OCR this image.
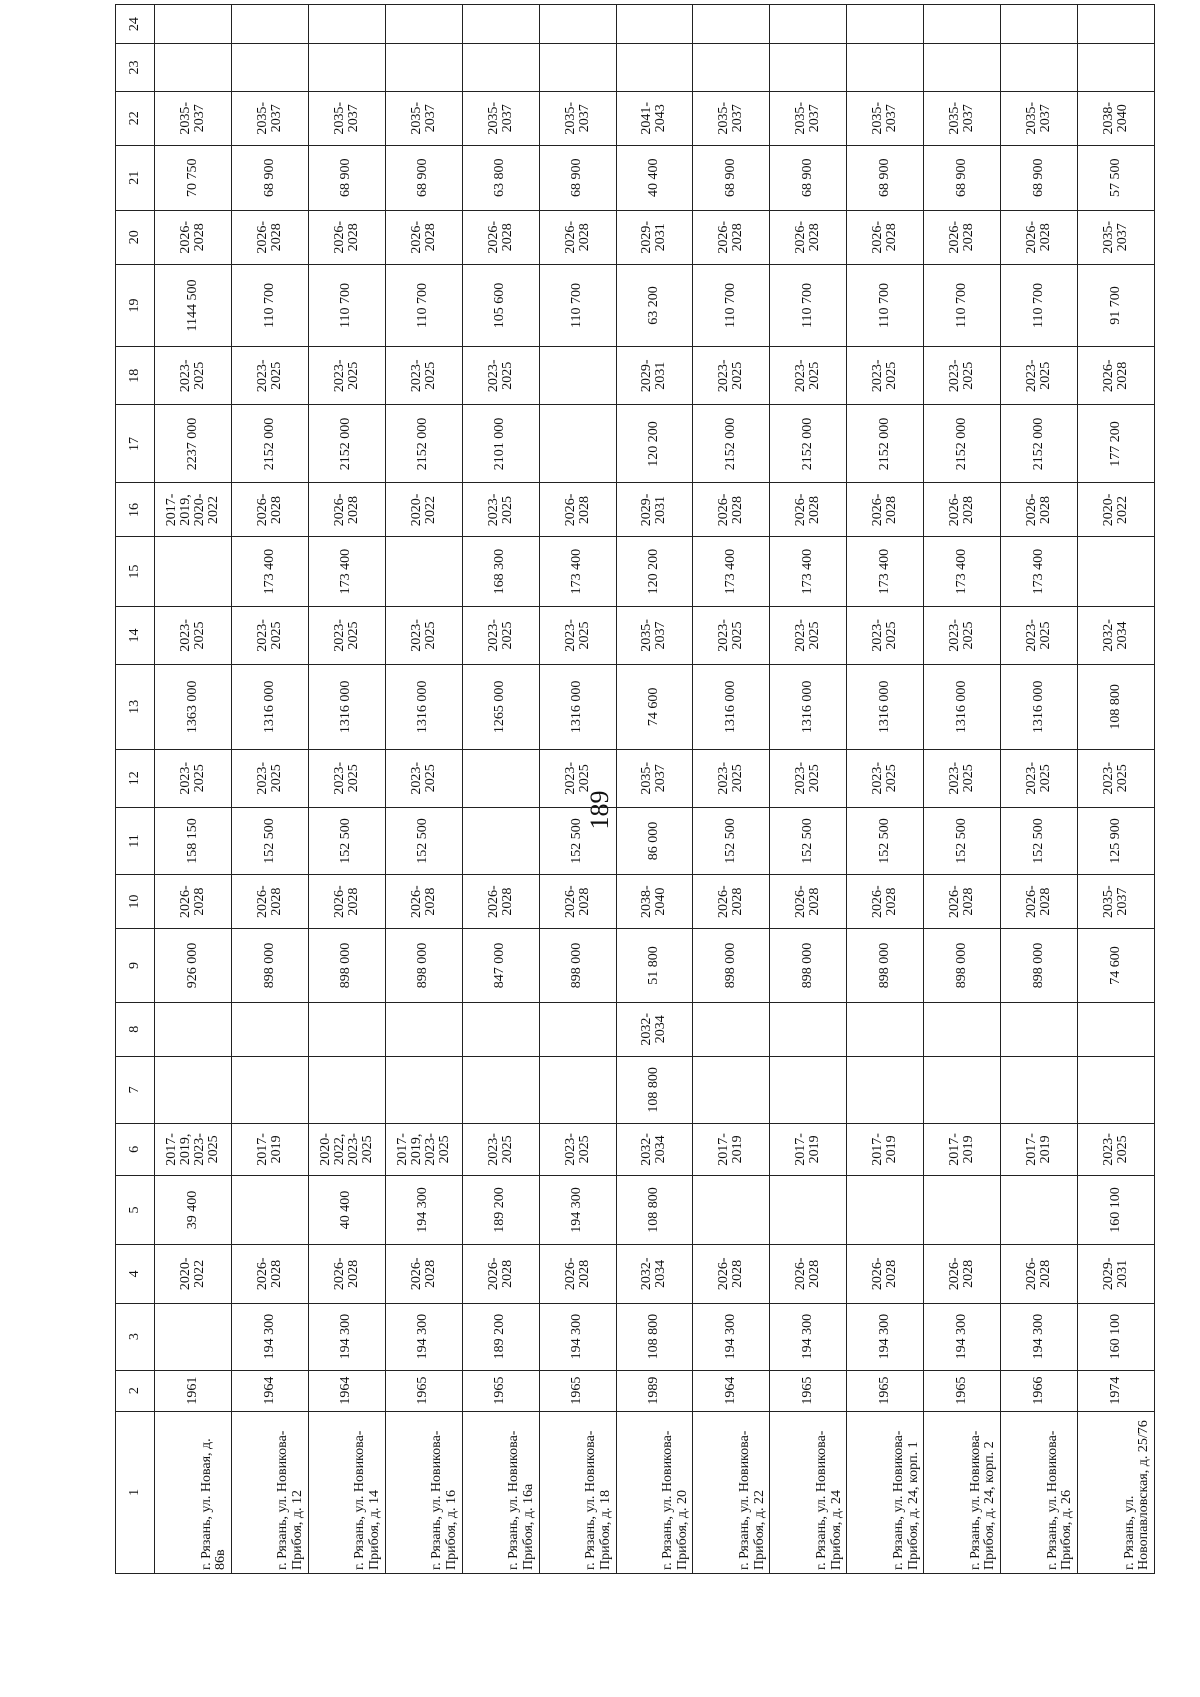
189
1	2	3	4	5	6	7	8	9	10	11	12	13	14	15	16	17	18	19	20	21	22	23	24
г. Рязань, ул. Новая, д. 86в	1961		2020-2022	39 400	2017-2019, 2023-2025			926 000	2026-2028	158 150	2023-2025	1363 000	2023-2025		2017-2019, 2020-2022	2237 000	2023-2025	1144 500	2026-2028	70 750	2035-2037		
г. Рязань, ул. Новикова-Прибоя, д. 12	1964	194 300	2026-2028		2017-2019			898 000	2026-2028	152 500	2023-2025	1316 000	2023-2025	173 400	2026-2028	2152 000	2023-2025	110 700	2026-2028	68 900	2035-2037		
г. Рязань, ул. Новикова-Прибоя, д. 14	1964	194 300	2026-2028	40 400	2020-2022, 2023-2025			898 000	2026-2028	152 500	2023-2025	1316 000	2023-2025	173 400	2026-2028	2152 000	2023-2025	110 700	2026-2028	68 900	2035-2037		
г. Рязань, ул. Новикова-Прибоя, д. 16	1965	194 300	2026-2028	194 300	2017-2019, 2023-2025			898 000	2026-2028	152 500	2023-2025	1316 000	2023-2025		2020-2022	2152 000	2023-2025	110 700	2026-2028	68 900	2035-2037		
г. Рязань, ул. Новикова-Прибоя, д. 16а	1965	189 200	2026-2028	189 200	2023-2025			847 000	2026-2028			1265 000	2023-2025	168 300	2023-2025	2101 000	2023-2025	105 600	2026-2028	63 800	2035-2037		
г. Рязань, ул. Новикова-Прибоя, д. 18	1965	194 300	2026-2028	194 300	2023-2025			898 000	2026-2028	152 500	2023-2025	1316 000	2023-2025	173 400	2026-2028			110 700	2026-2028	68 900	2035-2037		
г. Рязань, ул. Новикова-Прибоя, д. 20	1989	108 800	2032-2034	108 800	2032-2034	108 800	2032-2034	51 800	2038-2040	86 000	2035-2037	74 600	2035-2037	120 200	2029-2031	120 200	2029-2031	63 200	2029-2031	40 400	2041-2043		
г. Рязань, ул. Новикова-Прибоя, д. 22	1964	194 300	2026-2028		2017-2019			898 000	2026-2028	152 500	2023-2025	1316 000	2023-2025	173 400	2026-2028	2152 000	2023-2025	110 700	2026-2028	68 900	2035-2037		
г. Рязань, ул. Новикова-Прибоя, д. 24	1965	194 300	2026-2028		2017-2019			898 000	2026-2028	152 500	2023-2025	1316 000	2023-2025	173 400	2026-2028	2152 000	2023-2025	110 700	2026-2028	68 900	2035-2037		
г. Рязань, ул. Новикова-Прибоя, д. 24, корп. 1	1965	194 300	2026-2028		2017-2019			898 000	2026-2028	152 500	2023-2025	1316 000	2023-2025	173 400	2026-2028	2152 000	2023-2025	110 700	2026-2028	68 900	2035-2037		
г. Рязань, ул. Новикова-Прибоя, д. 24, корп. 2	1965	194 300	2026-2028		2017-2019			898 000	2026-2028	152 500	2023-2025	1316 000	2023-2025	173 400	2026-2028	2152 000	2023-2025	110 700	2026-2028	68 900	2035-2037		
г. Рязань, ул. Новикова-Прибоя, д. 26	1966	194 300	2026-2028		2017-2019			898 000	2026-2028	152 500	2023-2025	1316 000	2023-2025	173 400	2026-2028	2152 000	2023-2025	110 700	2026-2028	68 900	2035-2037		
г. Рязань, ул. Новопавловская, д. 25/76	1974	160 100	2029-2031	160 100	2023-2025			74 600	2035-2037	125 900	2023-2025	108 800	2032-2034		2020-2022	177 200	2026-2028	91 700	2035-2037	57 500	2038-2040		
